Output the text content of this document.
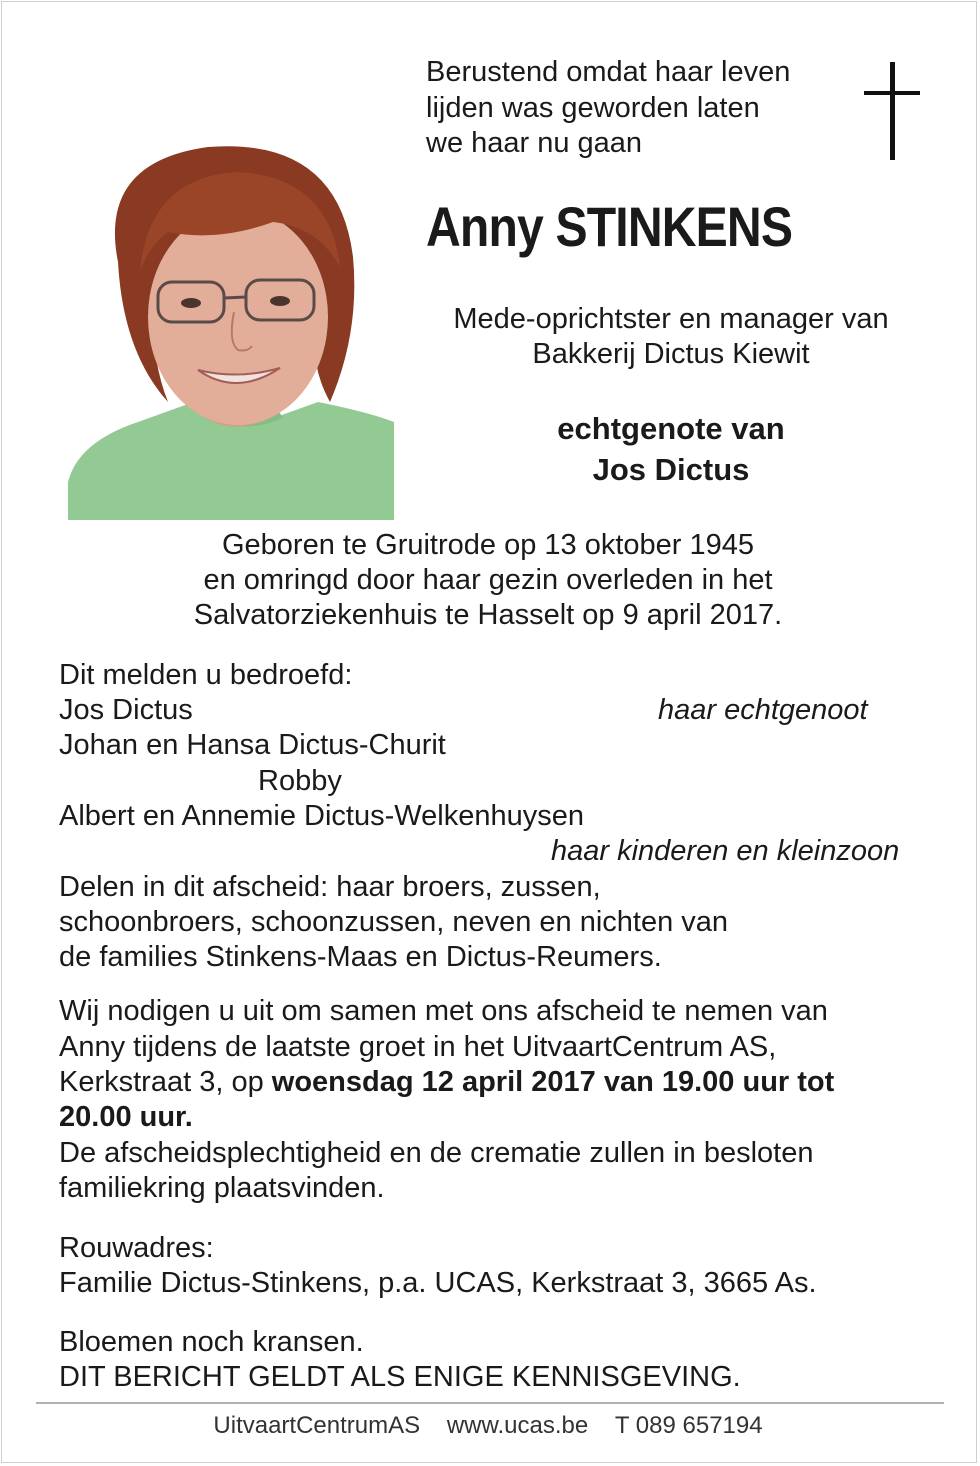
Berustend omdat haar leven
lijden was geworden laten
we haar nu gaan
Anny STINKENS
Mede-oprichtster en manager van
Bakkerij Dictus Kiewit
echtgenote van
Jos Dictus
Geboren te Gruitrode op 13 oktober 1945
en omringd door haar gezin overleden in het
Salvatorziekenhuis te Hasselt op 9 april 2017.
Dit melden u bedroefd:
Jos Dictus	haar echtgenoot
Johan en Hansa Dictus-Churit
Robby
Albert en Annemie Dictus-Welkenhuysen
haar kinderen en kleinzoon
Delen in dit afscheid: haar broers, zussen,
schoonbroers, schoonzussen, neven en nichten van
de families Stinkens-Maas en Dictus-Reumers.
Wij nodigen u uit om samen met ons afscheid te nemen van
Anny tijdens de laatste groet in het UitvaartCentrum AS,
Kerkstraat 3, op woensdag 12 april 2017 van 19.00 uur tot
20.00 uur.
De afscheidsplechtigheid en de crematie zullen in besloten
familiekring plaatsvinden.
Rouwadres:
Familie Dictus-Stinkens, p.a. UCAS, Kerkstraat 3, 3665 As.
Bloemen noch kransen.
DIT BERICHT GELDT ALS ENIGE KENNISGEVING.
UitvaartCentrumAS www.ucas.be T 089 657194
